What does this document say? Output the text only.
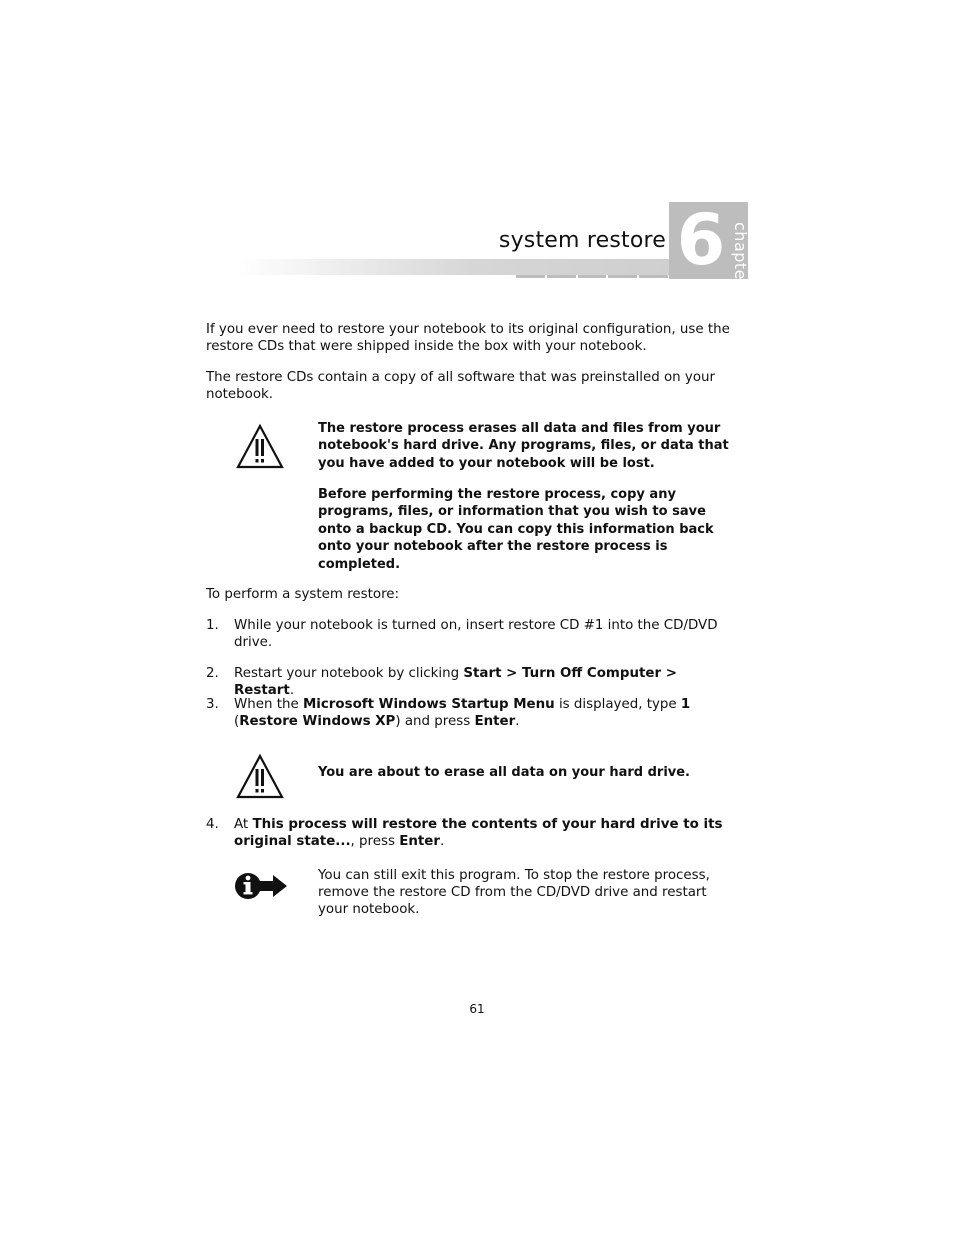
system restore 6 chapter
If you ever need to restore your notebook to its original configuration, use the restore CDs that were shipped inside the box with your notebook.
The restore CDs contain a copy of all software that was preinstalled on your notebook.
The restore process erases all data and files from your notebook's hard drive. Any programs, files, or data that you have added to your notebook will be lost.
Before performing the restore process, copy any programs, files, or information that you wish to save onto a backup CD. You can copy this information back onto your notebook after the restore process is completed.
To perform a system restore:
1.	While your notebook is turned on, insert restore CD #1 into the CD/DVD drive.
2.	Restart your notebook by clicking Start > Turn Off Computer > Restart.
3.	When the Microsoft Windows Startup Menu is displayed, type 1 (Restore Windows XP) and press Enter.
You are about to erase all data on your hard drive.
4.	At This process will restore the contents of your hard drive to its original state..., press Enter.
You can still exit this program. To stop the restore process, remove the restore CD from the CD/DVD drive and restart your notebook.
61
